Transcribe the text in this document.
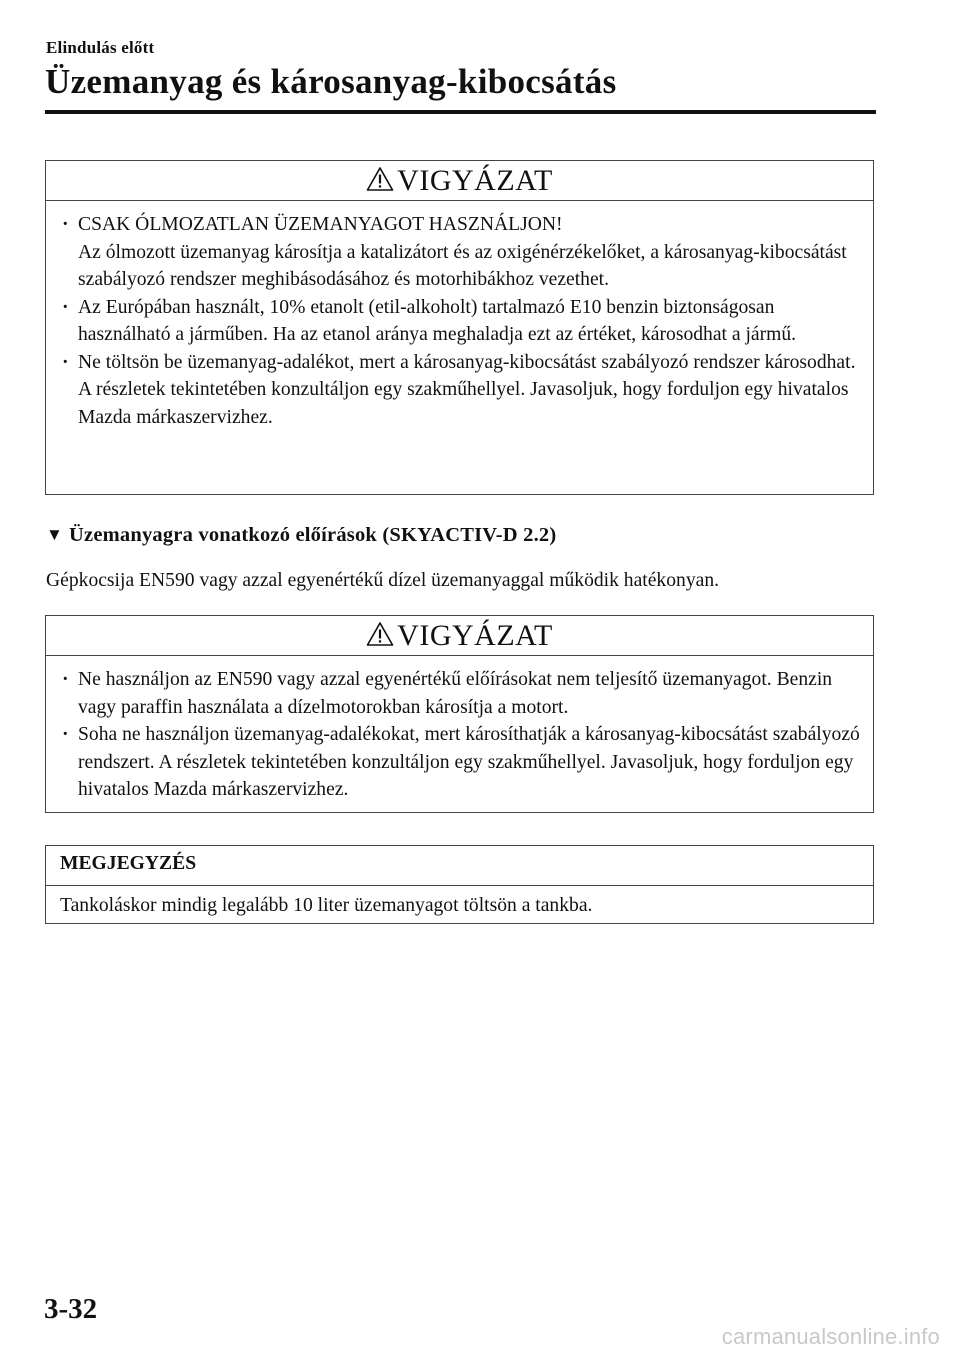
Elindulás előtt
Üzemanyag és károsanyag-kibocsátás
VIGYÁZAT
· CSAK ÓLMOZATLAN ÜZEMANYAGOT HASZNÁLJON!
Az ólmozott üzemanyag károsítja a katalizátort és az oxigénérzékelőket, a károsanyag-kibocsátást szabályozó rendszer meghibásodásához és motorhibákhoz vezethet.
· Az Európában használt, 10% etanolt (etil-alkoholt) tartalmazó E10 benzin biztonságosan használható a járműben. Ha az etanol aránya meghaladja ezt az értéket, károsodhat a jármű.
· Ne töltsön be üzemanyag-adalékot, mert a károsanyag-kibocsátást szabályozó rendszer károsodhat. A részletek tekintetében konzultáljon egy szakműhellyel. Javasoljuk, hogy forduljon egy hivatalos Mazda márkaszervizhez.
▼ Üzemanyagra vonatkozó előírások (SKYACTIV-D 2.2)

Gépkocsija EN590 vagy azzal egyenértékű dízel üzemanyaggal működik hatékonyan.

VIGYÁZAT
· Ne használjon az EN590 vagy azzal egyenértékű előírásokat nem teljesítő üzemanyagot. Benzin vagy paraffin használata a dízelmotorokban károsítja a motort.
· Soha ne használjon üzemanyag-adalékokat, mert károsíthatják a károsanyag-kibocsátást szabályozó rendszert. A részletek tekintetében konzultáljon egy szakműhellyel. Javasoljuk, hogy forduljon egy hivatalos Mazda márkaszervizhez.
MEGJEGYZÉS

Tankoláskor mindig legalább 10 liter üzemanyagot töltsön a tankba.

3-32
carmanualsonline.info
